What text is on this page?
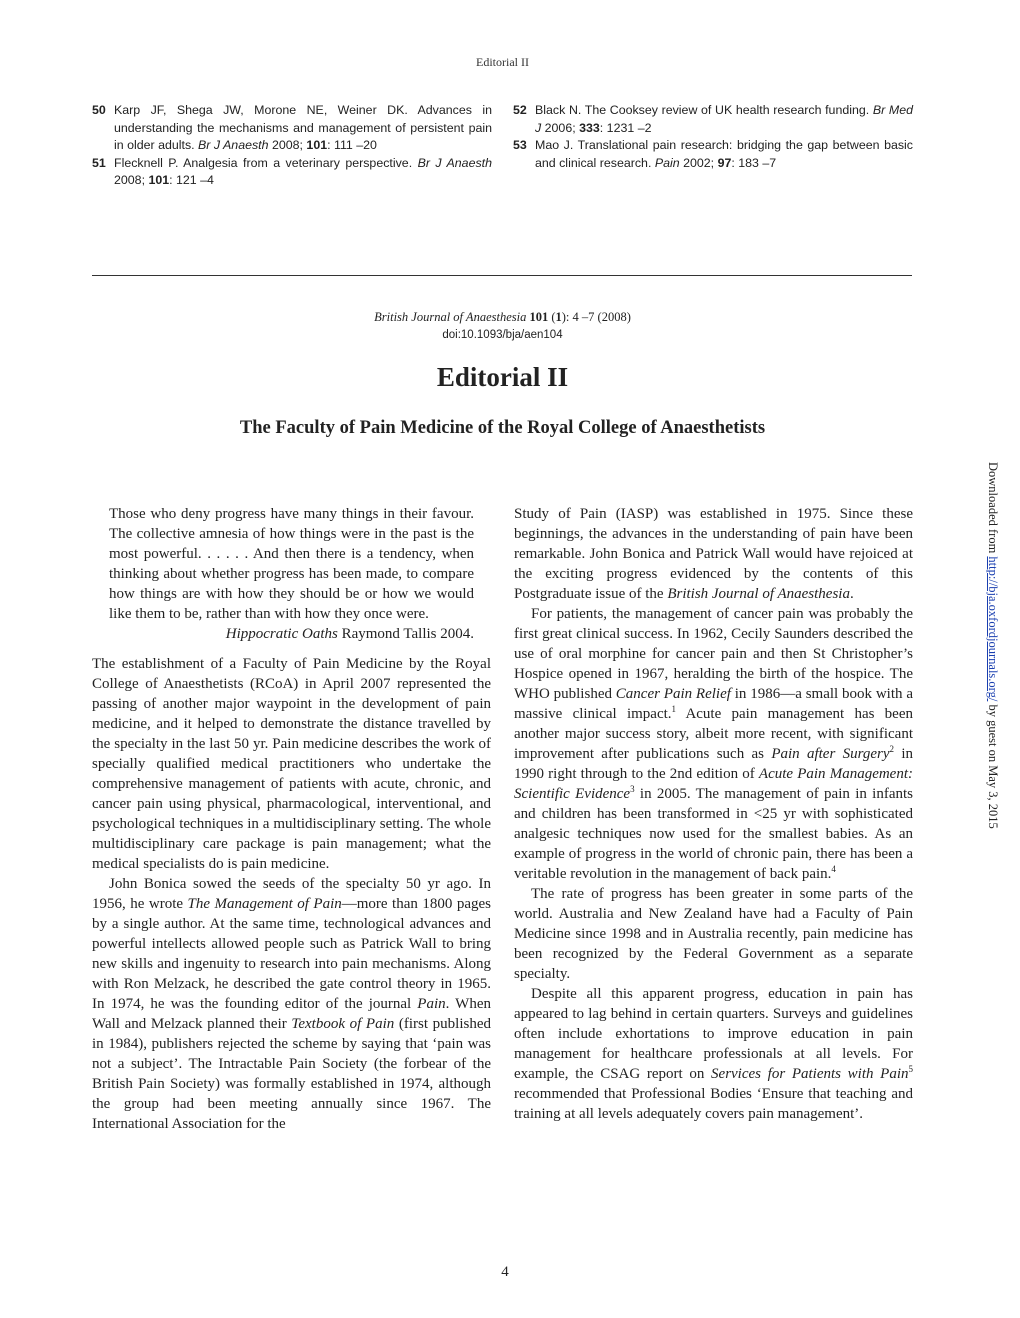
Editorial II
50 Karp JF, Shega JW, Morone NE, Weiner DK. Advances in understanding the mechanisms and management of persistent pain in older adults. Br J Anaesth 2008; 101: 111 –20
51 Flecknell P. Analgesia from a veterinary perspective. Br J Anaesth 2008; 101: 121 –4
52 Black N. The Cooksey review of UK health research funding. Br Med J 2006; 333: 1231 –2
53 Mao J. Translational pain research: bridging the gap between basic and clinical research. Pain 2002; 97: 183 –7
British Journal of Anaesthesia 101 (1): 4 –7 (2008)
doi:10.1093/bja/aen104
Editorial II
The Faculty of Pain Medicine of the Royal College of Anaesthetists

Those who deny progress have many things in their favour. The collective amnesia of how things were in the past is the most powerful. . . . . . And then there is a tendency, when thinking about whether progress has been made, to compare how things are with how they should be or how we would like them to be, rather than with how they once were.

Hippocratic Oaths Raymond Tallis 2004.

The establishment of a Faculty of Pain Medicine by the Royal College of Anaesthetists (RCoA) in April 2007 represented the passing of another major waypoint in the development of pain medicine, and it helped to demonstrate the distance travelled by the specialty in the last 50 yr. Pain medicine describes the work of specially qualified medical practitioners who undertake the comprehensive management of patients with acute, chronic, and cancer pain using physical, pharmacological, interventional, and psychological techniques in a multidisciplinary setting. The whole multidisciplinary care package is pain management; what the medical specialists do is pain medicine.

John Bonica sowed the seeds of the specialty 50 yr ago. In 1956, he wrote The Management of Pain—more than 1800 pages by a single author. At the same time, technological advances and powerful intellects allowed people such as Patrick Wall to bring new skills and ingenuity to research into pain mechanisms. Along with Ron Melzack, he described the gate control theory in 1965. In 1974, he was the founding editor of the journal Pain. When Wall and Melzack planned their Textbook of Pain (first published in 1984), publishers rejected the scheme by saying that ‘pain was not a subject’. The Intractable Pain Society (the forbear of the British Pain Society) was formally established in 1974, although the group had been meeting annually since 1967. The International Association for the

Study of Pain (IASP) was established in 1975. Since these beginnings, the advances in the understanding of pain have been remarkable. John Bonica and Patrick Wall would have rejoiced at the exciting progress evidenced by the contents of this Postgraduate issue of the British Journal of Anaesthesia.

For patients, the management of cancer pain was probably the first great clinical success. In 1962, Cecily Saunders described the use of oral morphine for cancer pain and then St Christopher’s Hospice opened in 1967, heralding the birth of the hospice. The WHO published Cancer Pain Relief in 1986—a small book with a massive clinical impact.$^1$ Acute pain management has been another major success story, albeit more recent, with significant improvement after publications such as Pain after Surgery$^2$ in 1990 right through to the 2nd edition of Acute Pain Management: Scientific Evidence$^3$ in 2005. The management of pain in infants and children has been transformed in <25 yr with sophisticated analgesic techniques now used for the smallest babies. As an example of progress in the world of chronic pain, there has been a veritable revolution in the management of back pain.$^4$

The rate of progress has been greater in some parts of the world. Australia and New Zealand have had a Faculty of Pain Medicine since 1998 and in Australia recently, pain medicine has been recognized by the Federal Government as a separate specialty.

Despite all this apparent progress, education in pain has appeared to lag behind in certain quarters. Surveys and guidelines often include exhortations to improve education in pain management for healthcare professionals at all levels. For example, the CSAG report on Services for Patients with Pain$^5$ recommended that Professional Bodies ‘Ensure that teaching and training at all levels adequately covers pain management’.

Downloaded from http://bja.oxfordjournals.org/ by guest on May 3, 2015
4
